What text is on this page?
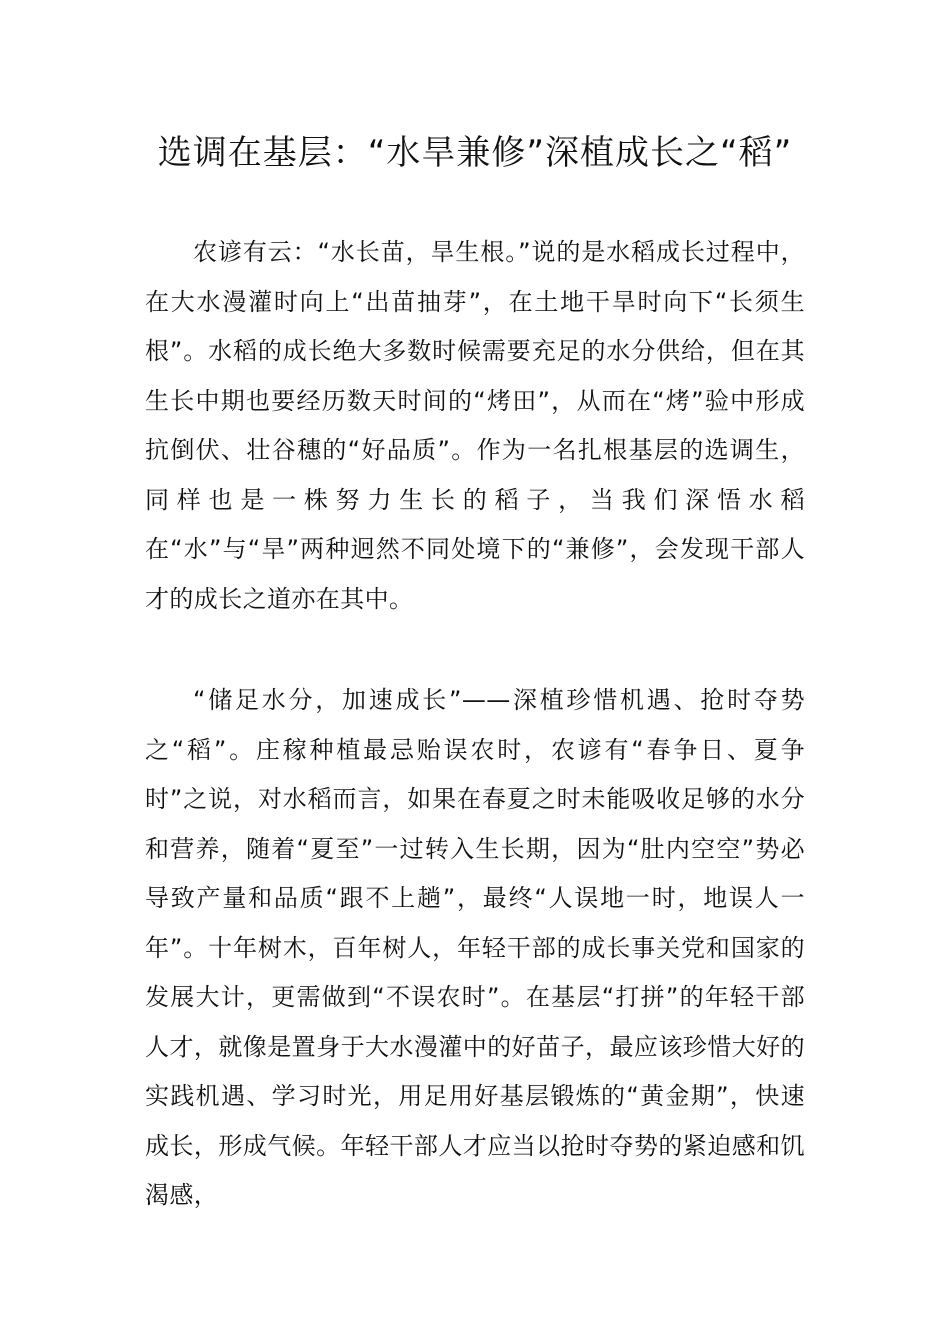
选调在基层：“水旱兼修”深植成长之“稻”

农谚有云：“水长苗，旱生根。”说的是水稻成长过程中，在大水漫灌时向上“出苗抽芽”，在土地干旱时向下“长须生根”。水稻的成长绝大多数时候需要充足的水分供给，但在其生长中期也要经历数天时间的“烤田”，从而在“烤”验中形成抗倒伏、壮谷穗的“好品质”。作为一名扎根基层的选调生，同样也是一株努力生长的稻子，当我们深悟水稻在“水”与“旱”两种迥然不同处境下的“兼修”，会发现干部人才的成长之道亦在其中。

“储足水分，加速成长”——深植珍惜机遇、抢时夺势之“稻”。庄稼种植最忌贻误农时，农谚有“春争日、夏争时”之说，对水稻而言，如果在春夏之时未能吸收足够的水分和营养，随着“夏至”一过转入生长期，因为“肚内空空”势必导致产量和品质“跟不上趟”，最终“人误地一时，地误人一年”。十年树木，百年树人，年轻干部的成长事关党和国家的发展大计，更需做到“不误农时”。在基层“打拼”的年轻干部人才，就像是置身于大水漫灌中的好苗子，最应该珍惜大好的实践机遇、学习时光，用足用好基层锻炼的“黄金期”，快速成长，形成气候。年轻干部人才应当以抢时夺势的紧迫感和饥渴感，
